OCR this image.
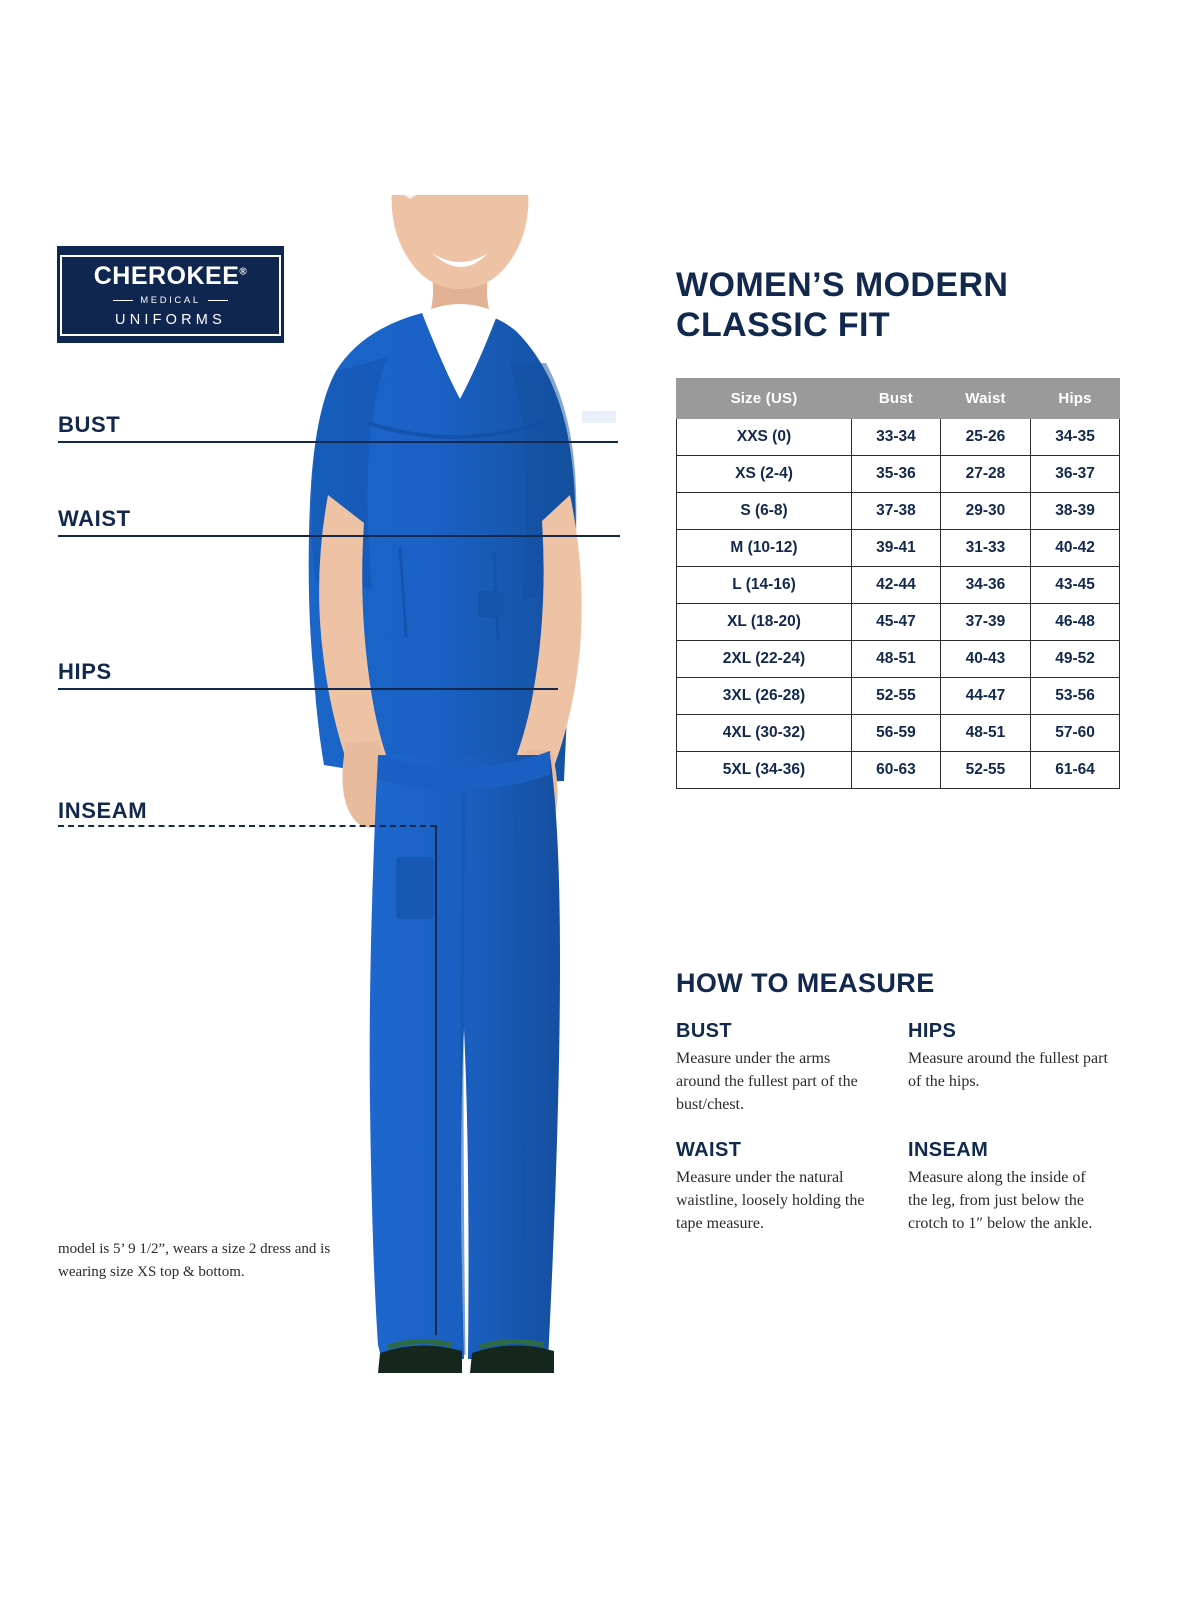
CHEROKEE®
MEDICAL
UNIFORMS
BUST
WAIST
HIPS
INSEAM
model is 5’ 9 1/2”, wears a size 2 dress and is wearing size XS top & bottom.
WOMEN’S MODERN CLASSIC FIT
Size (US)	Bust	Waist	Hips
XXS (0)	33-34	25-26	34-35
XS (2-4)	35-36	27-28	36-37
S (6-8)	37-38	29-30	38-39
M (10-12)	39-41	31-33	40-42
L (14-16)	42-44	34-36	43-45
XL (18-20)	45-47	37-39	46-48
2XL (22-24)	48-51	40-43	49-52
3XL (26-28)	52-55	44-47	53-56
4XL (30-32)	56-59	48-51	57-60
5XL (34-36)	60-63	52-55	61-64
HOW TO MEASURE
BUST

Measure under the arms around the fullest part of the bust/chest.

HIPS

Measure around the fullest part of the hips.

WAIST

Measure under the natural waistline, loosely holding the tape measure.

INSEAM

Measure along the inside of the leg, from just below the crotch to 1″ below the ankle.
